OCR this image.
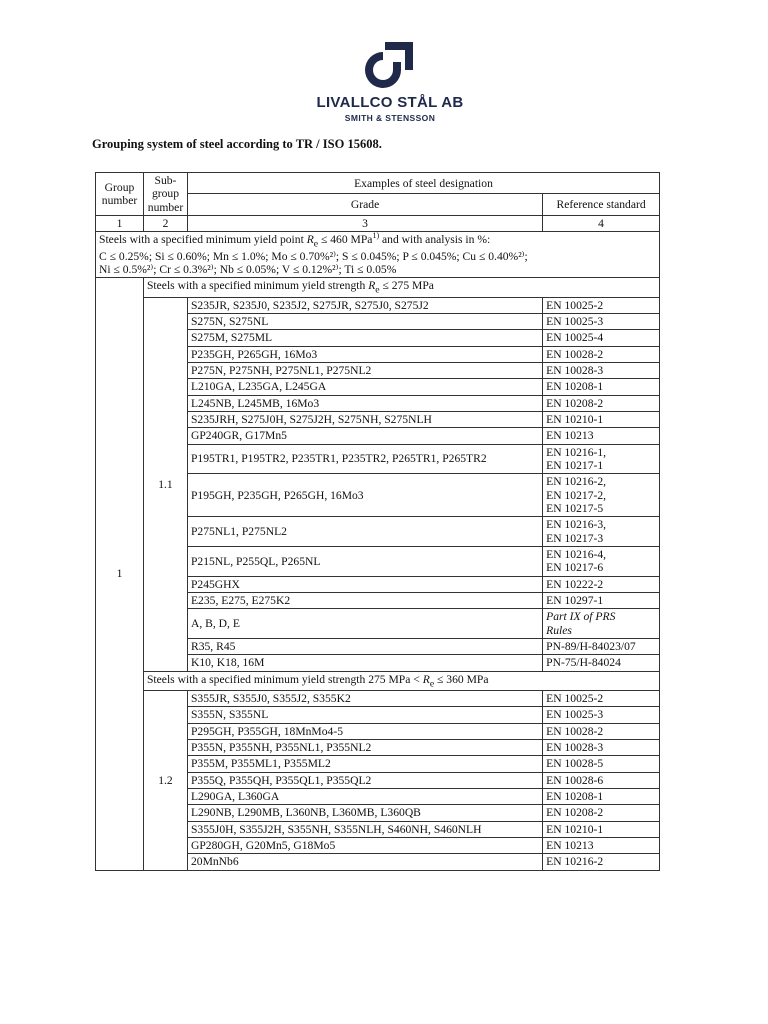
LIVALLCO STÅL AB
SMITH & STENSSON
Grouping system of steel according to TR / ISO 15608.
Group number	Sub-group number	Examples of steel designation	
		Grade	Reference standard
1	2	3	4
Steels with a specified minimum yield point $R_e \le 460$ MPa$^{1)}$ and with analysis in %:
C ≤ 0.25%; Si ≤ 0.60%; Mn ≤ 1.0%; Mo ≤ 0.70%²⁾; S ≤ 0.045%; P ≤ 0.045%; Cu ≤ 0.40%²⁾;
Ni ≤ 0.5%²⁾; Cr ≤ 0.3%²⁾; Nb ≤ 0.05%; V ≤ 0.12%²⁾; Ti ≤ 0.05%			
1	Steels with a specified minimum yield strength $R_e \le 275$ MPa		
	1.1	S235JR, S235J0, S235J2, S275JR, S275J0, S275J2	EN 10025-2
		S275N, S275NL	EN 10025-3
		S275M, S275ML	EN 10025-4
		P235GH, P265GH, 16Mo3	EN 10028-2
		P275N, P275NH, P275NL1, P275NL2	EN 10028-3
		L210GA, L235GA, L245GA	EN 10208-1
		L245NB, L245MB, 16Mo3	EN 10208-2
		S235JRH, S275J0H, S275J2H, S275NH, S275NLH	EN 10210-1
		GP240GR, G17Mn5	EN 10213
		P195TR1, P195TR2, P235TR1, P235TR2, P265TR1, P265TR2	EN 10216-1,
EN 10217-1

		P195GH, P235GH, P265GH, 16Mo3	EN 10216-2,
EN 10217-2,
EN 10217-5

		P275NL1, P275NL2	EN 10216-3,
EN 10217-3

		P215NL, P255QL, P265NL	EN 10216-4,
EN 10217-6

		P245GHX	EN 10222-2
		E235, E275, E275K2	EN 10297-1
		A, B, D, E	Part IX of PRS
Rules

		R35, R45	PN-89/H-84023/07
		K10, K18, 16M	PN-75/H-84024
	Steels with a specified minimum yield strength 275 MPa < $R_e \le 360$ MPa		
	1.2	S355JR, S355J0, S355J2, S355K2	EN 10025-2
		S355N, S355NL	EN 10025-3
		P295GH, P355GH, 18MnMo4-5	EN 10028-2
		P355N, P355NH, P355NL1, P355NL2	EN 10028-3
		P355M, P355ML1, P355ML2	EN 10028-5
		P355Q, P355QH, P355QL1, P355QL2	EN 10028-6
		L290GA, L360GA	EN 10208-1
		L290NB, L290MB, L360NB, L360MB, L360QB	EN 10208-2
		S355J0H, S355J2H, S355NH, S355NLH, S460NH, S460NLH	EN 10210-1
		GP280GH, G20Mn5, G18Mo5	EN 10213
		20MnNb6	EN 10216-2
